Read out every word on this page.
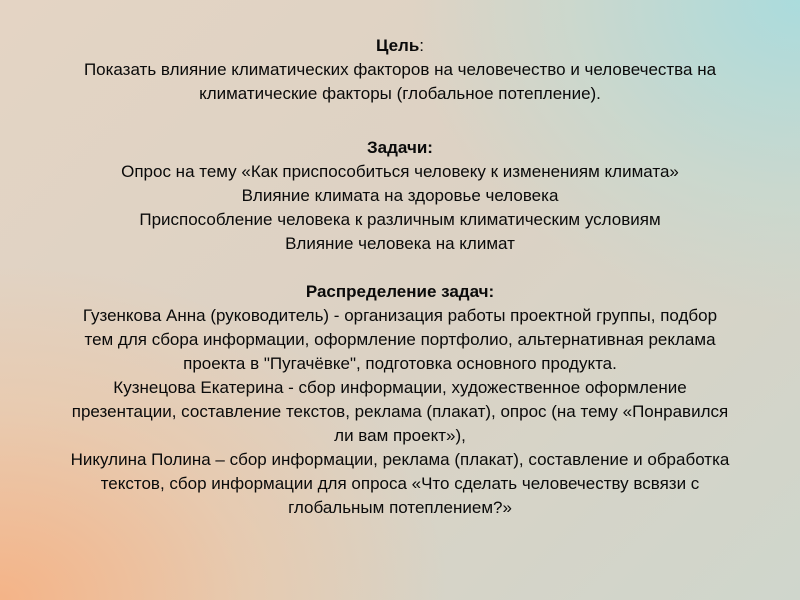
Цель:
Показать влияние климатических факторов на человечество и человечества на
климатические факторы (глобальное потепление).
Задачи:
Опрос на тему «Как приспособиться человеку к изменениям климата»
Влияние климата на здоровье человека
Приспособление человека к различным климатическим условиям
Влияние человека на климат
Распределение задач:
Гузенкова Анна (руководитель) - организация работы проектной группы, подбор
тем для сбора информации, оформление портфолио, альтернативная реклама
проекта в "Пугачёвке", подготовка основного продукта.
Кузнецова Екатерина - сбор информации, художественное оформление
презентации, составление текстов, реклама (плакат), опрос (на тему «Понравился
ли вам проект»),
Никулина Полина – сбор информации, реклама (плакат), составление и обработка
текстов, сбор информации для опроса «Что сделать человечеству всвязи с
глобальным потеплением?»
